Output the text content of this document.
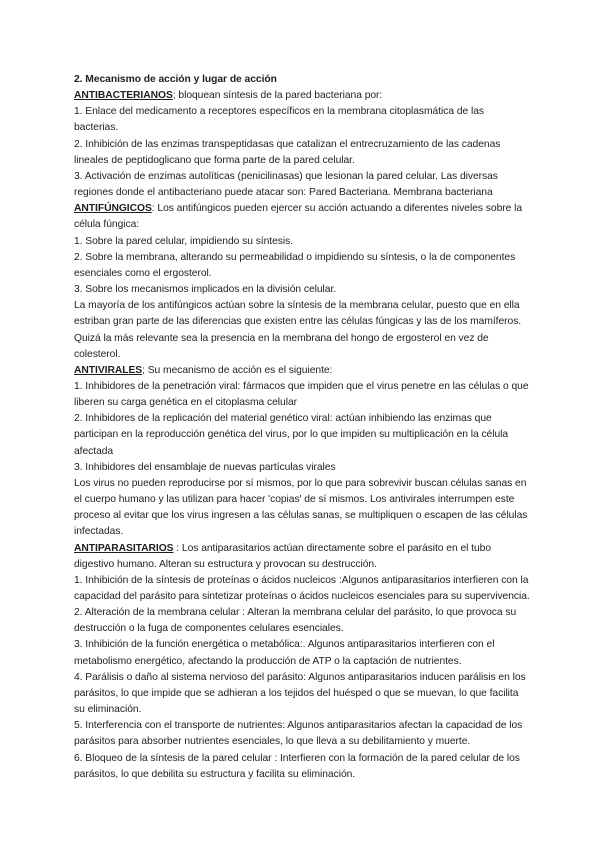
2. Mecanismo de acción y lugar de acción

ANTIBACTERIANOS; bloquean síntesis de la pared bacteriana por:

1. Enlace del medicamento a receptores específicos en la membrana citoplasmática de las bacterias.

2. Inhibición de las enzimas transpeptidasas que catalizan el entrecruzamiento de las cadenas lineales de peptidoglicano que forma parte de la pared celular.

3. Activación de enzimas autolíticas (penicilinasas) que lesionan la pared celular. Las diversas regiones donde el antibacteriano puede atacar son: Pared Bacteriana. Membrana bacteriana

ANTIFÚNGICOS: Los antifúngicos pueden ejercer su acción actuando a diferentes niveles sobre la célula fúngica:

1. Sobre la pared celular, impidiendo su síntesis.

2. Sobre la membrana, alterando su permeabilidad o impidiendo su síntesis, o la de componentes esenciales como el ergosterol.

3. Sobre los mecanismos implicados en la división celular.

La mayoría de los antifúngicos actúan sobre la síntesis de la membrana celular, puesto que en ella estriban gran parte de las diferencias que existen entre las células fúngicas y las de los mamíferos. Quizá la más relevante sea la presencia en la membrana del hongo de ergosterol en vez de colesterol.

ANTIVIRALES; Su mecanismo de acción es el siguiente:

1. Inhibidores de la penetración viral: fármacos que impiden que el virus penetre en las células o que liberen su carga genética en el citoplasma celular

2. Inhibidores de la replicación del material genético viral: actúan inhibiendo las enzimas que participan en la reproducción genética del virus, por lo que impiden su multiplicación en la célula afectada

3. Inhibidores del ensamblaje de nuevas partículas virales

Los virus no pueden reproducirse por sí mismos, por lo que para sobrevivir buscan células sanas en el cuerpo humano y las utilizan para hacer 'copias' de sí mismos. Los antivirales interrumpen este proceso al evitar que los virus ingresen a las células sanas, se multipliquen o escapen de las células infectadas.

ANTIPARASITARIOS : Los antiparasitarios actúan directamente sobre el parásito en el tubo digestivo humano. Alteran su estructura y provocan su destrucción.

1. Inhibición de la síntesis de proteínas o ácidos nucleicos :Algunos antiparasitarios interfieren con la capacidad del parásito para sintetizar proteínas o ácidos nucleicos esenciales para su supervivencia.

2. Alteración de la membrana celular : Alteran la membrana celular del parásito, lo que provoca su destrucción o la fuga de componentes celulares esenciales.

3. Inhibición de la función energética o metabólica:. Algunos antiparasitarios interfieren con el metabolismo energético, afectando la producción de ATP o la captación de nutrientes.

4. Parálisis o daño al sistema nervioso del parásito: Algunos antiparasitarios inducen parálisis en los parásitos, lo que impide que se adhieran a los tejidos del huésped o que se muevan, lo que facilita su eliminación.

5. Interferencia con el transporte de nutrientes: Algunos antiparasitarios afectan la capacidad de los parásitos para absorber nutrientes esenciales, lo que lleva a su debilitamiento y muerte.

6. Bloqueo de la síntesis de la pared celular : Interfieren con la formación de la pared celular de los parásitos, lo que debilita su estructura y facilita su eliminación.
